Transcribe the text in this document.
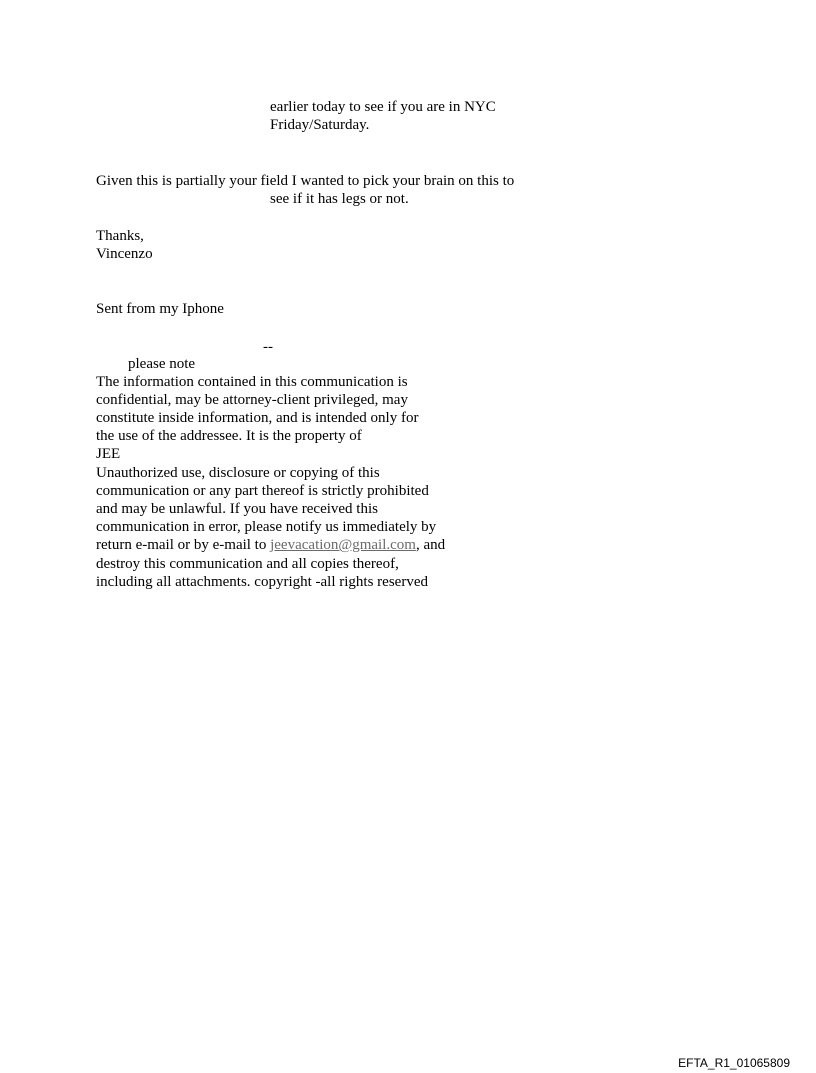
earlier today to see if you are in NYC
Friday/Saturday.
Given this is partially your field I wanted to pick your brain on this to
see if it has legs or not.
Thanks,
Vincenzo
Sent from my Iphone
--
please note
The information contained in this communication is
confidential, may be attorney-client privileged, may
constitute inside information, and is intended only for
the use of the addressee. It is the property of
JEE
Unauthorized use, disclosure or copying of this
communication or any part thereof is strictly prohibited
and may be unlawful. If you have received this
communication in error, please notify us immediately by
return e-mail or by e-mail to jeevacation@gmail.com, and
destroy this communication and all copies thereof,
including all attachments. copyright -all rights reserved
EFTA_R1_01065809
